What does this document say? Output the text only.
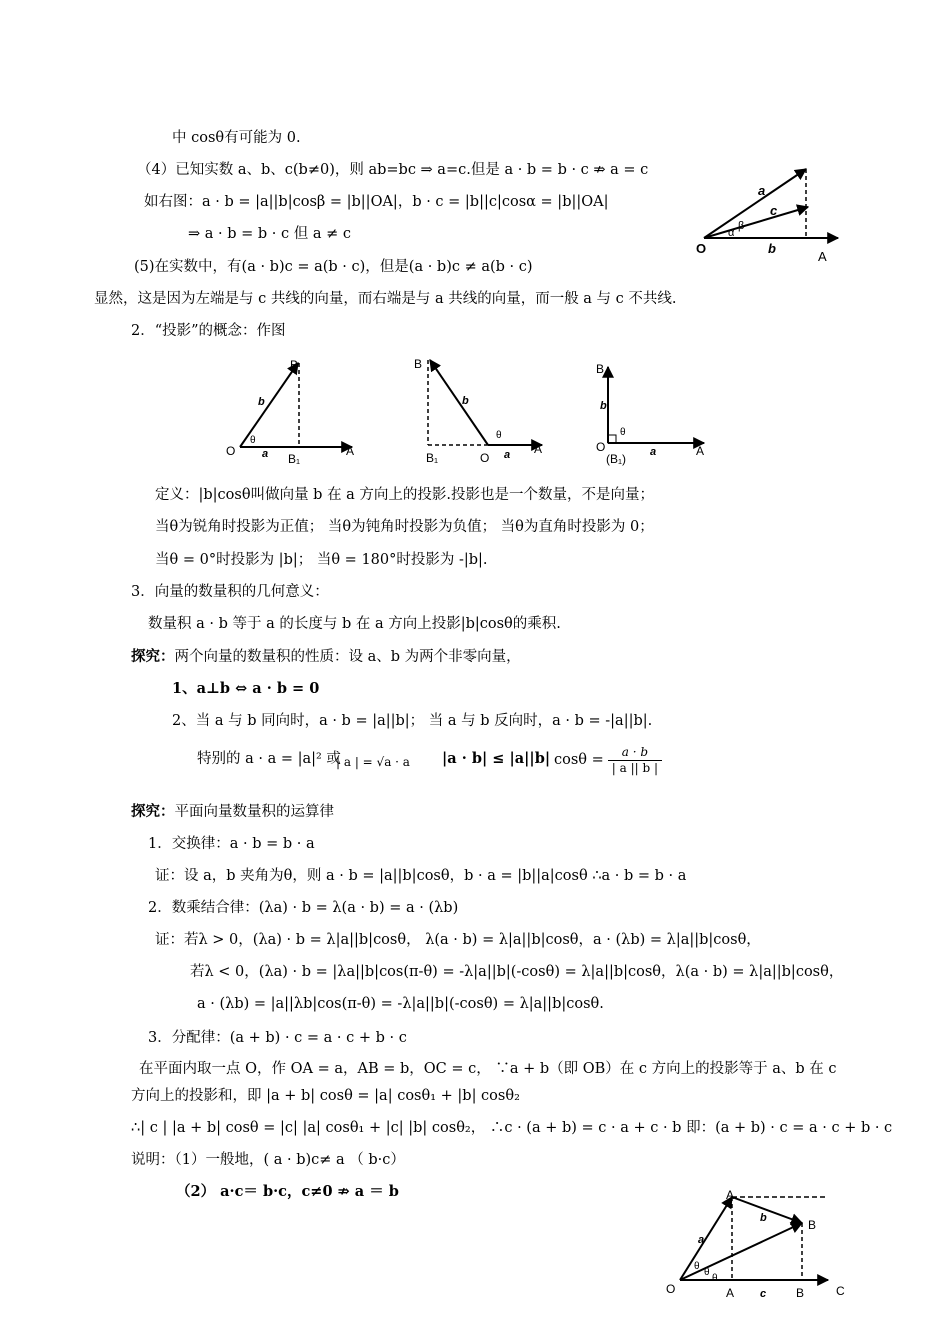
中 cosθ有可能为 0.
（4）已知实数 a、b、c(b≠0)，则 ab=bc ⇒ a=c.但是 a · b = b · c ⇏ a = c
如右图：a · b = |a||b|cosβ = |b||OA|，b · c = |b||c|cosα = |b||OA|
⇒ a · b = b · c 但 a ≠ c
(5)在实数中，有(a · b)c = a(b · c)，但是(a · b)c ≠ a(b · c)
显然，这是因为左端是与 c 共线的向量，而右端是与 a 共线的向量，而一般 a 与 c 不共线.
2．“投影”的概念：作图
定义：|b|cosθ叫做向量 b 在 a 方向上的投影.投影也是一个数量，不是向量；
当θ为锐角时投影为正值； 当θ为钝角时投影为负值； 当θ为直角时投影为 0；
当θ = 0°时投影为 |b|； 当θ = 180°时投影为 -|b|.
3．向量的数量积的几何意义：
数量积 a · b 等于 a 的长度与 b 在 a 方向上投影|b|cosθ的乘积.
探究：两个向量的数量积的性质：设 a、b 为两个非零向量，
1、a⊥b ⇔ a · b = 0
2、当 a 与 b 同向时，a · b = |a||b|； 当 a 与 b 反向时，a · b = -|a||b|.
特别的 a · a = |a|² 或
| a | = √a · a |a · b| ≤ |a||b| $\cos\theta = \frac{a \cdot b}{| a || b |}$
探究：平面向量数量积的运算律
1．交换律：a · b = b · a
证：设 a，b 夹角为θ，则 a · b = |a||b|cosθ，b · a = |b||a|cosθ ∴a · b = b · a
2．数乘结合律：(λa) · b = λ(a · b) = a · (λb)
证：若λ > 0，(λa) · b = λ|a||b|cosθ， λ(a · b) = λ|a||b|cosθ，a · (λb) = λ|a||b|cosθ，
若λ < 0，(λa) · b = |λa||b|cos(π-θ) = -λ|a||b|(-cosθ) = λ|a||b|cosθ，λ(a · b) = λ|a||b|cosθ，
a · (λb) = |a||λb|cos(π-θ) = -λ|a||b|(-cosθ) = λ|a||b|cosθ.
3．分配律：(a + b) · c = a · c + b · c
在平面内取一点 O，作 OA = a，AB = b，OC = c， ∵a + b（即 OB）在 c 方向上的投影等于 a、b 在 c
方向上的投影和，即 |a + b| cosθ = |a| cosθ₁ + |b| cosθ₂
∴| c | |a + b| cosθ = |c| |a| cosθ₁ + |c| |b| cosθ₂， ∴c · (a + b) = c · a + c · b 即：(a + b) · c = a · c + b · c
说明：（1）一般地，( a · b)c≠ a （ b·c）
（2） a·c＝ b·c，c≠0 ⇏ a ＝ b
O
A
a
c
b
α
β
B
O	A
B₁
a
b
θ
B
B₁	O
A
a
b
θ
B
O
(B₁)
A
a
b
θ
O
A
B
C
A	B
a
b
c
θ
θ
θ
